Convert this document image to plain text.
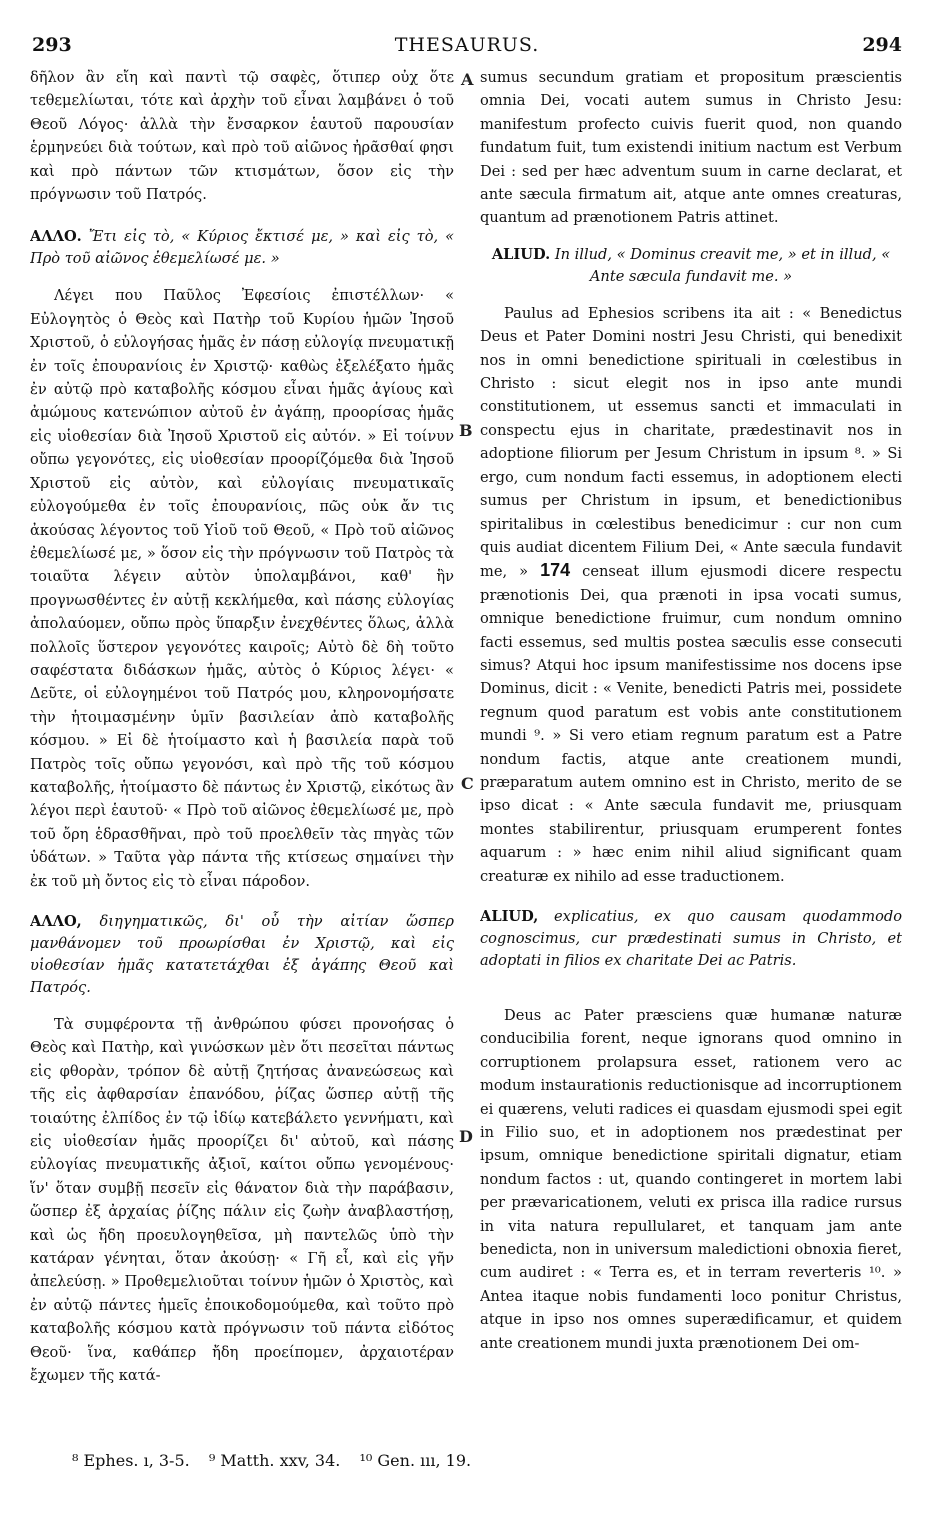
293	THESAURUS.	294
A
B
C
D

δῆλον ἂν εἴη καὶ παντὶ τῷ σαφὲς, ὅτιπερ οὐχ ὅτε τεθεμελίωται, τότε καὶ ἀρχὴν τοῦ εἶναι λαμβάνει ὁ τοῦ Θεοῦ Λόγος· ἀλλὰ τὴν ἔνσαρκον ἑαυτοῦ παρουσίαν ἑρμηνεύει διὰ τούτων, καὶ πρὸ τοῦ αἰῶνος ἠρᾶσθαί φησι καὶ πρὸ πάντων τῶν κτισμάτων, ὅσον εἰς τὴν πρόγνωσιν τοῦ Πατρός.

ΑΛΛΟ. Ἔτι εἰς τὸ, « Κύριος ἔκτισέ με, » καὶ εἰς τὸ, « Πρὸ τοῦ αἰῶνος ἐθεμελίωσέ με. »

Λέγει που Παῦλος Ἐφεσίοις ἐπιστέλλων· « Εὐλογητὸς ὁ Θεὸς καὶ Πατὴρ τοῦ Κυρίου ἡμῶν Ἰησοῦ Χριστοῦ, ὁ εὐλογήσας ἡμᾶς ἐν πάσῃ εὐλογίᾳ πνευματικῇ ἐν τοῖς ἐπουρανίοις ἐν Χριστῷ· καθὼς ἐξελέξατο ἡμᾶς ἐν αὐτῷ πρὸ καταβολῆς κόσμου εἶναι ἡμᾶς ἁγίους καὶ ἀμώμους κατενώπιον αὐτοῦ ἐν ἀγάπῃ, προορίσας ἡμᾶς εἰς υἱοθεσίαν διὰ Ἰησοῦ Χριστοῦ εἰς αὐτόν. » Εἰ τοίνυν οὔπω γεγονότες, εἰς υἱοθεσίαν προορίζόμεθα διὰ Ἰησοῦ Χριστοῦ εἰς αὐτὸν, καὶ εὐλογίαις πνευματικαῖς εὐλογούμεθα ἐν τοῖς ἐπουρανίοις, πῶς οὐκ ἄν τις ἀκούσας λέγοντος τοῦ Υἱοῦ τοῦ Θεοῦ, « Πρὸ τοῦ αἰῶνος ἐθεμελίωσέ με, » ὅσον εἰς τὴν πρόγνωσιν τοῦ Πατρὸς τὰ τοιαῦτα λέγειν αὐτὸν ὑπολαμβάνοι, καθ' ἣν προγνωσθέντες ἐν αὐτῇ κεκλήμεθα, καὶ πάσης εὐλογίας ἀπολαύομεν, οὔπω πρὸς ὕπαρξιν ἐνεχθέντες ὅλως, ἀλλὰ πολλοῖς ὕστερον γεγονότες καιροῖς; Αὐτὸ δὲ δὴ τοῦτο σαφέστατα διδάσκων ἡμᾶς, αὐτὸς ὁ Κύριος λέγει· « Δεῦτε, οἱ εὐλογημένοι τοῦ Πατρός μου, κληρονομήσατε τὴν ἡτοιμασμένην ὑμῖν βασιλείαν ἀπὸ καταβολῆς κόσμου. » Εἰ δὲ ἡτοίμαστο καὶ ἡ βασιλεία παρὰ τοῦ Πατρὸς τοῖς οὔπω γεγονόσι, καὶ πρὸ τῆς τοῦ κόσμου καταβολῆς, ἡτοίμαστο δὲ πάντως ἐν Χριστῷ, εἰκότως ἂν λέγοι περὶ ἑαυτοῦ· « Πρὸ τοῦ αἰῶνος ἐθεμελίωσέ με, πρὸ τοῦ ὄρη ἑδρασθῆναι, πρὸ τοῦ προελθεῖν τὰς πηγὰς τῶν ὑδάτων. » Ταῦτα γὰρ πάντα τῆς κτίσεως σημαίνει τὴν ἐκ τοῦ μὴ ὄντος εἰς τὸ εἶναι πάροδον.

ΑΛΛΟ, διηγηματικῶς, δι' οὗ τὴν αἰτίαν ὥσπερ μανθάνομεν τοῦ προωρίσθαι ἐν Χριστῷ, καὶ εἰς υἱοθεσίαν ἡμᾶς κατατετάχθαι ἐξ ἀγάπης Θεοῦ καὶ Πατρός.

Τὰ συμφέροντα τῇ ἀνθρώπου φύσει προνοήσας ὁ Θεὸς καὶ Πατὴρ, καὶ γινώσκων μὲν ὅτι πεσεῖται πάντως εἰς φθορὰν, τρόπον δὲ αὐτῇ ζητήσας ἀνανεώσεως καὶ τῆς εἰς ἀφθαρσίαν ἐπανόδου, ῥίζας ὥσπερ αὐτῇ τῆς τοιαύτης ἐλπίδος ἐν τῷ ἰδίῳ κατεβάλετο γεννήματι, καὶ εἰς υἱοθεσίαν ἡμᾶς προορίζει δι' αὐτοῦ, καὶ πάσης εὐλογίας πνευματικῆς ἀξιοῖ, καίτοι οὔπω γενομένους· ἵν' ὅταν συμβῇ πεσεῖν εἰς θάνατον διὰ τὴν παράβασιν, ὥσπερ ἐξ ἀρχαίας ῥίζης πάλιν εἰς ζωὴν ἀναβλαστήσῃ, καὶ ὡς ἤδη προευλογηθεῖσα, μὴ παντελῶς ὑπὸ τὴν κατάραν γένηται, ὅταν ἀκούσῃ· « Γῆ εἶ, καὶ εἰς γῆν ἀπελεύσῃ. » Προθεμελιοῦται τοίνυν ἡμῶν ὁ Χριστὸς, καὶ ἐν αὐτῷ πάντες ἡμεῖς ἐποικοδομούμεθα, καὶ τοῦτο πρὸ καταβολῆς κόσμου κατὰ πρόγνωσιν τοῦ πάντα εἰδότος Θεοῦ· ἵνα, καθάπερ ἤδη προείπομεν, ἀρχαιοτέραν ἔχωμεν τῆς κατά-

sumus secundum gratiam et propositum præscientis omnia Dei, vocati autem sumus in Christo Jesu: manifestum profecto cuivis fuerit quod, non quando fundatum fuit, tum existendi initium nactum est Verbum Dei : sed per hæc adventum suum in carne declarat, et ante sæcula firmatum ait, atque ante omnes creaturas, quantum ad prænotionem Patris attinet.

ALIUD. In illud, « Dominus creavit me, » et in illud, « Ante sæcula fundavit me. »

Paulus ad Ephesios scribens ita ait : « Benedictus Deus et Pater Domini nostri Jesu Christi, qui benedixit nos in omni benedictione spirituali in cœlestibus in Christo : sicut elegit nos in ipso ante mundi constitutionem, ut essemus sancti et immaculati in conspectu ejus in charitate, prædestinavit nos in adoptione filiorum per Jesum Christum in ipsum ⁸. » Si ergo, cum nondum facti essemus, in adoptionem electi sumus per Christum in ipsum, et benedictionibus spiritalibus in cœlestibus benedicimur : cur non cum quis audiat dicentem Filium Dei, « Ante sæcula fundavit me, » 174 censeat illum ejusmodi dicere respectu prænotionis Dei, qua prænoti in ipsa vocati sumus, omnique benedictione fruimur, cum nondum omnino facti essemus, sed multis postea sæculis esse consecuti simus? Atqui hoc ipsum manifestissime nos docens ipse Dominus, dicit : « Venite, benedicti Patris mei, possidete regnum quod paratum est vobis ante constitutionem mundi ⁹. » Si vero etiam regnum paratum est a Patre nondum factis, atque ante creationem mundi, præparatum autem omnino est in Christo, merito de se ipso dicat : « Ante sæcula fundavit me, priusquam montes stabilirentur, priusquam erumperent fontes aquarum : » hæc enim nihil aliud significant quam creaturæ ex nihilo ad esse traductionem.

ALIUD, explicatius, ex quo causam quodammodo cognoscimus, cur prædestinati sumus in Christo, et adoptati in filios ex charitate Dei ac Patris.

Deus ac Pater præsciens quæ humanæ naturæ conducibilia forent, neque ignorans quod omnino in corruptionem prolapsura esset, rationem vero ac modum instaurationis reductionisque ad incorruptionem ei quærens, veluti radices ei quasdam ejusmodi spei egit in Filio suo, et in adoptionem nos prædestinat per ipsum, omnique benedictione spiritali dignatur, etiam nondum factos : ut, quando contingeret in mortem labi per prævaricationem, veluti ex prisca illa radice rursus in vita natura repullularet, et tanquam jam ante benedicta, non in universum maledictioni obnoxia fieret, cum audiret : « Terra es, et in terram reverteris ¹⁰. » Antea itaque nobis fundamenti loco ponitur Christus, atque in ipso nos omnes superædificamur, et quidem ante creationem mundi juxta prænotionem Dei om-

⁸ Ephes. ı, 3-5. ⁹ Matth. xxv, 34. ¹⁰ Gen. ııı, 19.
